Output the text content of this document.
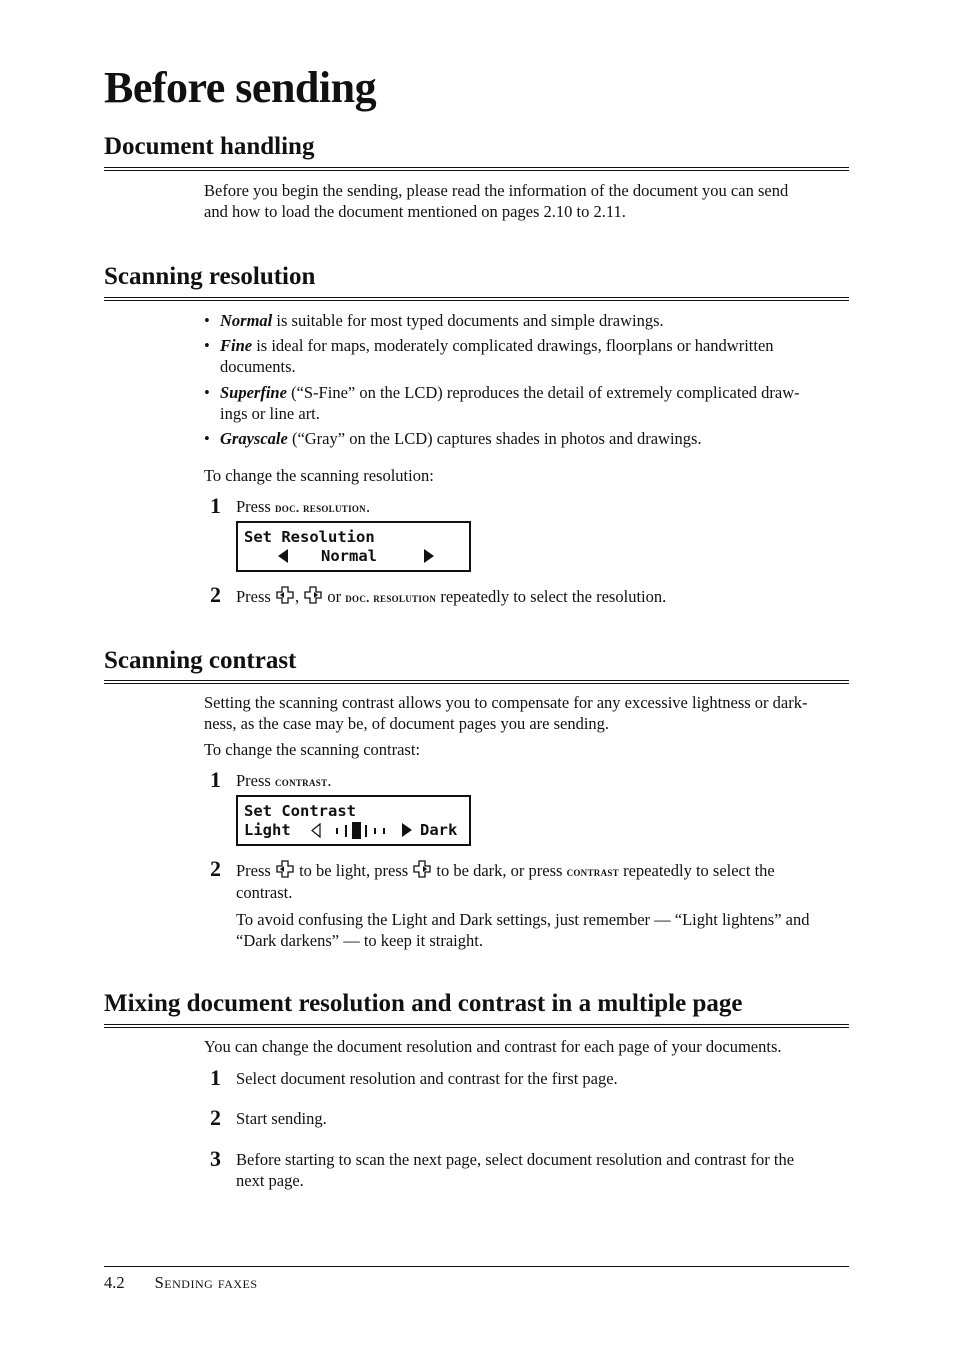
Before sending
Document handling
Before you begin the sending, please read the information of the document you can send
and how to load the document mentioned on pages 2.10 to 2.11.
Scanning resolution
• Normal is suitable for most typed documents and simple drawings.
• Fine is ideal for maps, moderately complicated drawings, floorplans or handwritten
documents.
• Superfine (“S-Fine” on the LCD) reproduces the detail of extremely complicated draw-
ings or line art.
• Grayscale (“Gray” on the LCD) captures shades in photos and drawings.
To change the scanning resolution:
1 Press doc. resolution.
Set Resolution

Normal

2 Press ,  or doc. resolution repeatedly to select the resolution.
Scanning contrast
Setting the scanning contrast allows you to compensate for any excessive lightness or dark-
ness, as the case may be, of document pages you are sending.
To change the scanning contrast:
1 Press contrast.
Set Contrast

Light

	Dark

2 Press  to be light, press  to be dark, or press contrast repeatedly to select the
contrast.
To avoid confusing the Light and Dark settings, just remember — “Light lightens” and
“Dark darkens” — to keep it straight.
Mixing document resolution and contrast in a multiple page
You can change the document resolution and contrast for each page of your documents.
1 Select document resolution and contrast for the first page.
2 Start sending.
3 Before starting to scan the next page, select document resolution and contrast for the
next page.
4.2 Sending faxes
